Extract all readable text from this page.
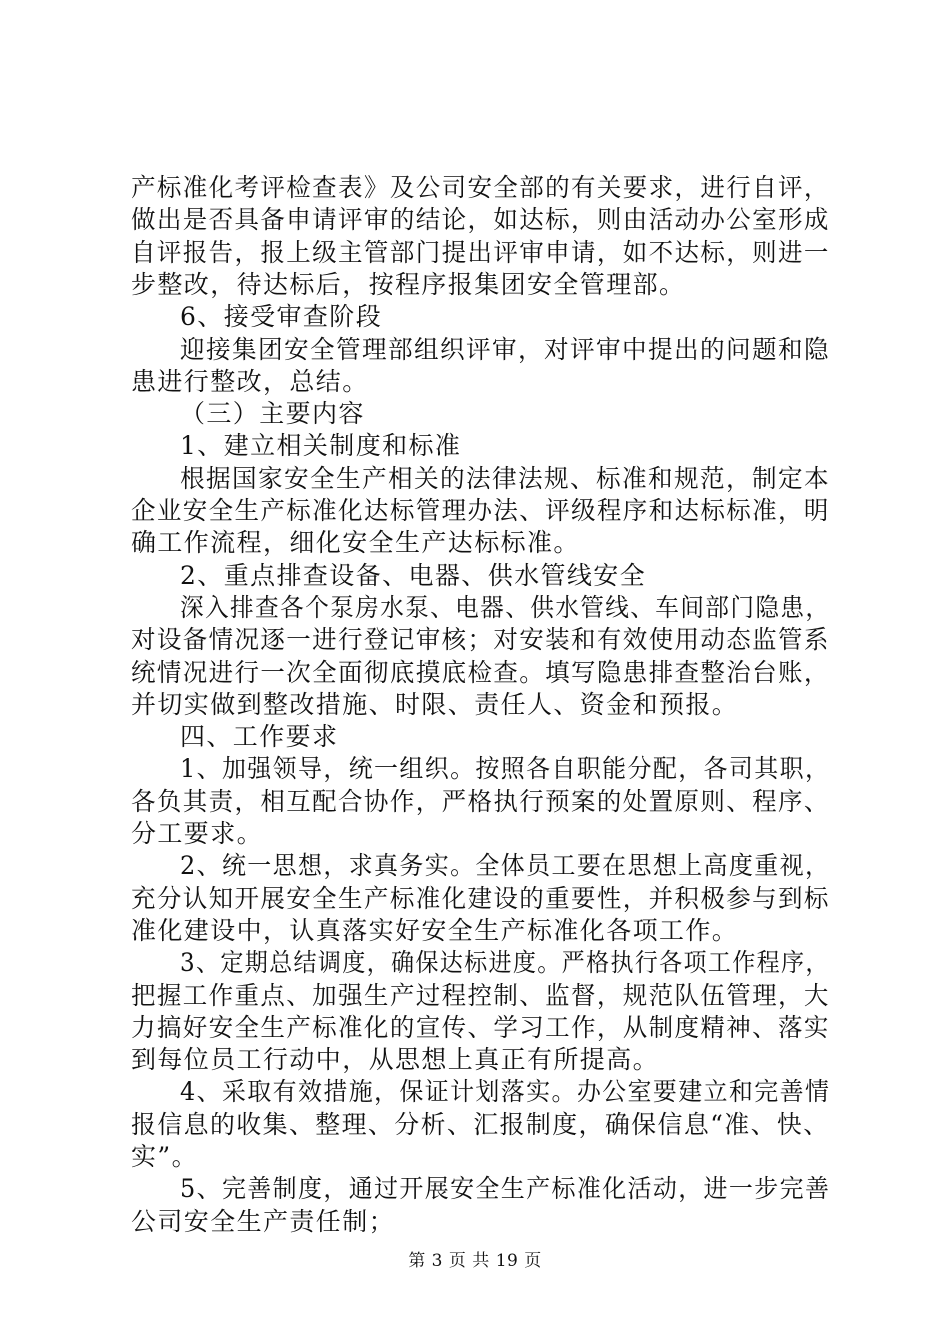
产标准化考评检查表》及公司安全部的有关要求，进行自评，
做出是否具备申请评审的结论，如达标，则由活动办公室形成
自评报告，报上级主管部门提出评审申请，如不达标，则进一
步整改，待达标后，按程序报集团安全管理部。
6、接受审查阶段
迎接集团安全管理部组织评审，对评审中提出的问题和隐
患进行整改，总结。
（三）主要内容
1、建立相关制度和标准
根据国家安全生产相关的法律法规、标准和规范，制定本
企业安全生产标准化达标管理办法、评级程序和达标标准，明
确工作流程，细化安全生产达标标准。
2、重点排查设备、电器、供水管线安全
深入排查各个泵房水泵、电器、供水管线、车间部门隐患，
对设备情况逐一进行登记审核；对安装和有效使用动态监管系
统情况进行一次全面彻底摸底检查。填写隐患排查整治台账，
并切实做到整改措施、时限、责任人、资金和预报。
四、工作要求
1、加强领导，统一组织。按照各自职能分配，各司其职，
各负其责，相互配合协作，严格执行预案的处置原则、程序、
分工要求。
2、统一思想，求真务实。全体员工要在思想上高度重视，
充分认知开展安全生产标准化建设的重要性，并积极参与到标
准化建设中，认真落实好安全生产标准化各项工作。
3、定期总结调度，确保达标进度。严格执行各项工作程序，
把握工作重点、加强生产过程控制、监督，规范队伍管理，大
力搞好安全生产标准化的宣传、学习工作，从制度精神、落实
到每位员工行动中，从思想上真正有所提高。
4、采取有效措施，保证计划落实。办公室要建立和完善情
报信息的收集、整理、分析、汇报制度，确保信息“准、快、
实”。
5、完善制度，通过开展安全生产标准化活动，进一步完善
公司安全生产责任制；
第 3 页 共 19 页
